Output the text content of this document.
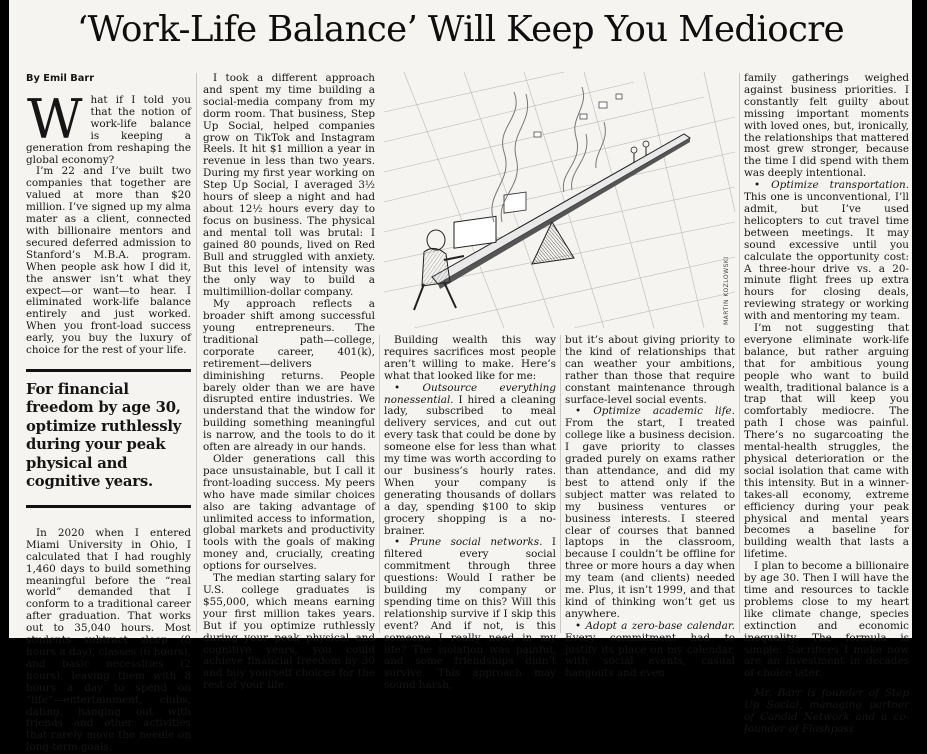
‘Work-Life Balance’ Will Keep You Mediocre
By Emil Barr

What if I told you that the notion of work-life balance is keeping a generation from reshaping the global economy?

I’m 22 and I’ve built two companies that together are valued at more than $20 million. I’ve signed up my alma mater as a client, connected with billionaire mentors and secured deferred admission to Stanford’s M.B.A. program. When people ask how I did it, the answer isn’t what they expect—or want—to hear. I eliminated work-life balance entirely and just worked. When you front-load success early, you buy the luxury of choice for the rest of your life.

For financial freedom by age 30, optimize ruthlessly during your peak physical and cognitive years.

In 2020 when I entered Miami University in Ohio, I calculated that I had roughly 1,460 days to build something meaningful before the “real world” demanded that I conform to a traditional career after graduation. That works out to 35,040 hours. Most students subtract sleep (8 hours a day), classes (6 hours), and basic necessities (2 hours), leaving them with 8 hours a day to spend on “life”—entertainment, clubs, dating, hanging out with friends and other activities that rarely move the needle on long-term goals.

I took a different approach and spent my time building a social-media company from my dorm room. That business, Step Up Social, helped companies grow on TikTok and Instagram Reels. It hit $1 million a year in revenue in less than two years. During my first year working on Step Up Social, I averaged 3½ hours of sleep a night and had about 12½ hours every day to focus on business. The physical and mental toll was brutal: I gained 80 pounds, lived on Red Bull and struggled with anxiety. But this level of intensity was the only way to build a multimillion-dollar company.

My approach reflects a broader shift among successful young entrepreneurs. The traditional path—college, corporate career, 401(k), retirement—delivers diminishing returns. People barely older than we are have disrupted entire industries. We understand that the window for building something meaningful is narrow, and the tools to do it often are already in our hands.

Older generations call this pace unsustainable, but I call it front-loading success. My peers who have made similar choices also are taking advantage of unlimited access to information, global markets and productivity tools with the goals of making money and, crucially, creating options for ourselves.

The median starting salary for U.S. college graduates is $55,000, which means earning your first million takes years. But if you optimize ruthlessly during your peak physical and cognitive years, you could achieve financial freedom by 30 and buy yourself choices for the rest of your life.

MARTIN KOZLOWSKI

Building wealth this way requires sacrifices most people aren’t willing to make. Here’s what that looked like for me:

• Outsource everything nonessential. I hired a cleaning lady, subscribed to meal delivery services, and cut out every task that could be done by someone else for less than what my time was worth according to our business’s hourly rates. When your company is generating thousands of dollars a day, spending $100 to skip grocery shopping is a no-brainer.

• Prune social networks. I filtered every social commitment through three questions: Would I rather be building my company or spending time on this? Will this relationship survive if I skip this event? And if not, is this someone I really need in my life? The isolation was painful, and some friendships didn’t survive. This approach may sound harsh,

but it’s about giving priority to the kind of relationships that can weather your ambitions, rather than those that require constant maintenance through surface-level social events.

• Optimize academic life. From the start, I treated college like a business decision. I gave priority to classes graded purely on exams rather than attendance, and did my best to attend only if the subject matter was related to my business ventures or business interests. I steered clear of courses that banned laptops in the classroom, because I couldn’t be offline for three or more hours a day when my team (and clients) needed me. Plus, it isn’t 1999, and that kind of thinking won’t get us anywhere.

• Adopt a zero-base calendar. Every commitment had to justify its place on my calendar, with social events, casual hangouts and even

family gatherings weighed against business priorities. I constantly felt guilty about missing important moments with loved ones, but, ironically, the relationships that mattered most grew stronger, because the time I did spend with them was deeply intentional.

• Optimize transportation. This one is unconventional, I’ll admit, but I’ve used helicopters to cut travel time between meetings. It may sound excessive until you calculate the opportunity cost: A three-hour drive vs. a 20-minute flight frees up extra hours for closing deals, reviewing strategy or working with and mentoring my team.

I’m not suggesting that everyone eliminate work-life balance, but rather arguing that for ambitious young people who want to build wealth, traditional balance is a trap that will keep you comfortably mediocre. The path I chose was painful. There’s no sugarcoating the mental-health struggles, the physical deterioration or the social isolation that came with this intensity. But in a winner-takes-all economy, extreme efficiency during your peak physical and mental years becomes a baseline for building wealth that lasts a lifetime.

I plan to become a billionaire by age 30. Then I will have the time and resources to tackle problems close to my heart like climate change, species extinction and economic inequality. The formula is simple: Sacrifices I make now are an investment in decades of choice later.

Mr. Barr is founder of Step Up Social, managing partner of Candid Network and a co-founder of Flashpass.
